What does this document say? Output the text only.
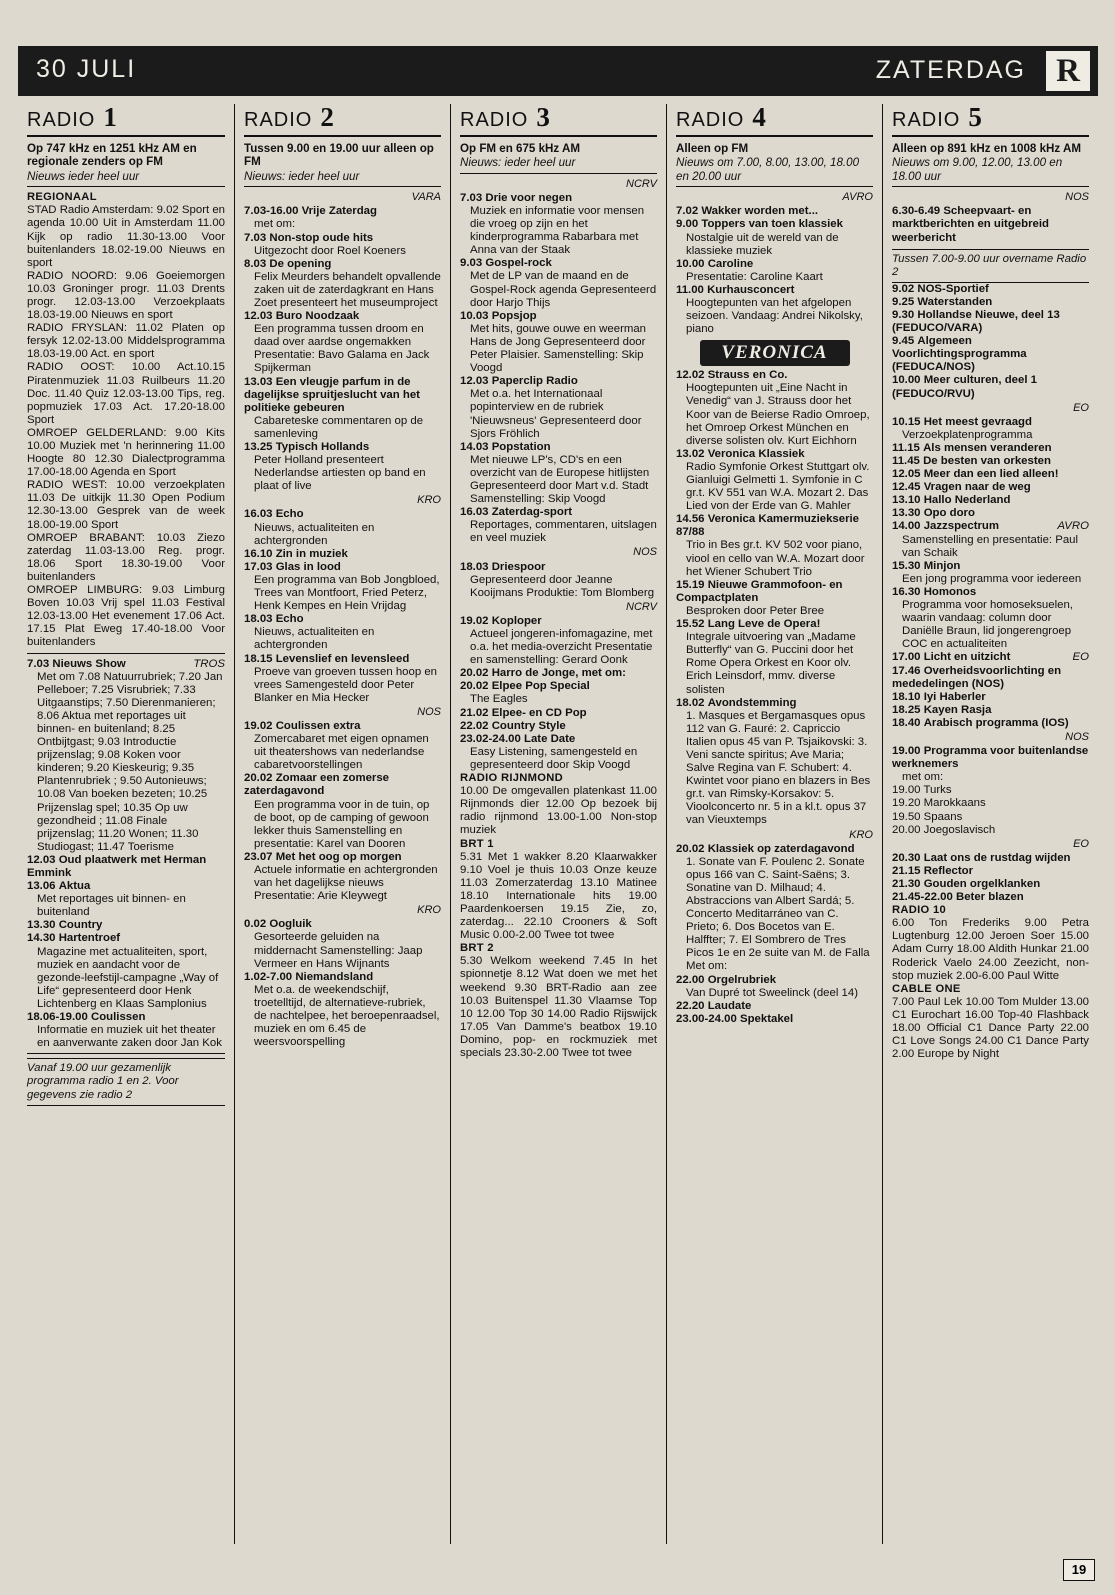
30 JULI	ZATERDAG R
RADIO 1
Op 747 kHz en 1251 kHz AM en regionale zenders op FM
Nieuws ieder heel uur
REGIONAAL
STAD Radio Amsterdam: 9.02 Sport en agenda 10.00 Uit in Amsterdam 11.00 Kijk op radio 11.30-13.00 Voor buitenlanders 18.02-19.00 Nieuws en sport
RADIO NOORD: 9.06 Goeiemorgen 10.03 Groninger progr. 11.03 Drents progr. 12.03-13.00 Verzoekplaats 18.03-19.00 Nieuws en sport
RADIO FRYSLAN: 11.02 Platen op fersyk 12.02-13.00 Middelsprogramma 18.03-19.00 Act. en sport
RADIO OOST: 10.00 Act.10.15 Piratenmuziek 11.03 Ruilbeurs 11.20 Doc. 11.40 Quiz 12.03-13.00 Tips, reg. popmuziek 17.03 Act. 17.20-18.00 Sport
OMROEP GELDERLAND: 9.00 Kits 10.00 Muziek met 'n herinnering 11.00 Hoogte 80 12.30 Dialectprogramma 17.00-18.00 Agenda en Sport
RADIO WEST: 10.00 verzoekplaten 11.03 De uitkijk 11.30 Open Podium 12.30-13.00 Gesprek van de week 18.00-19.00 Sport
OMROEP BRABANT: 10.03 Ziezo zaterdag 11.03-13.00 Reg. progr. 18.06 Sport 18.30-19.00 Voor buitenlanders
OMROEP LIMBURG: 9.03 Limburg Boven 10.03 Vrij spel 11.03 Festival 12.03-13.00 Het evenement 17.06 Act. 17.15 Plat Eweg 17.40-18.00 Voor buitenlanders
TROS
7.03 Nieuws Show
Met om 7.08 Natuurrubriek; 7.20 Jan Pelleboer; 7.25 Visrubriek; 7.33 Uitgaanstips; 7.50 Dierenmanieren; 8.06 Aktua met reportages uit binnen- en buitenland; 8.25 Ontbijtgast; 9.03 Introductie prijzenslag; 9.08 Koken voor kinderen; 9.20 Kieskeurig; 9.35 Plantenrubriek ; 9.50 Autonieuws; 10.08 Van boeken bezeten; 10.25 Prijzenslag spel; 10.35 Op uw gezondheid ; 11.08 Finale prijzenslag; 11.20 Wonen; 11.30 Studiogast; 11.47 Toerisme
12.03 Oud plaatwerk met Herman Emmink
13.06 Aktua
Met reportages uit binnen- en buitenland
13.30 Country
14.30 Hartentroef
Magazine met actualiteiten, sport, muziek en aandacht voor de gezonde-leefstijl-campagne „Way of Life“ gepresenteerd door Henk Lichtenberg en Klaas Samplonius
18.06-19.00 Coulissen
Informatie en muziek uit het theater en aanverwante zaken door Jan Kok
Vanaf 19.00 uur gezamenlijk programma radio 1 en 2. Voor gegevens zie radio 2
RADIO 2
Tussen 9.00 en 19.00 uur alleen op FM
Nieuws: ieder heel uur
VARA
7.03-16.00 Vrije Zaterdag
met om:
7.03 Non-stop oude hits
Uitgezocht door Roel Koeners
8.03 De opening
Felix Meurders behandelt opvallende zaken uit de zaterdagkrant en Hans Zoet presenteert het museumproject
12.03 Buro Noodzaak
Een programma tussen droom en daad over aardse ongemakken Presentatie: Bavo Galama en Jack Spijkerman
13.03 Een vleugje parfum in de dagelijkse spruitjeslucht van het politieke gebeuren
Cabareteske commentaren op de samenleving
13.25 Typisch Hollands
Peter Holland presenteert Nederlandse artiesten op band en plaat of live
KRO
16.03 Echo
Nieuws, actualiteiten en achtergronden
16.10 Zin in muziek
17.03 Glas in lood
Een programma van Bob Jongbloed, Trees van Montfoort, Fried Peterz, Henk Kempes en Hein Vrijdag
18.03 Echo
Nieuws, actualiteiten en achtergronden
18.15 Levenslief en levensleed
Proeve van groeven tussen hoop en vrees Samengesteld door Peter Blanker en Mia Hecker
NOS
19.02 Coulissen extra
Zomercabaret met eigen opnamen uit theatershows van nederlandse cabaretvoorstellingen
20.02 Zomaar een zomerse zaterdagavond
Een programma voor in de tuin, op de boot, op de camping of gewoon lekker thuis Samenstelling en presentatie: Karel van Dooren
23.07 Met het oog op morgen
Actuele informatie en achtergronden van het dagelijkse nieuws Presentatie: Arie Kleywegt
KRO
0.02 Oogluik
Gesorteerde geluiden na middernacht Samenstelling: Jaap Vermeer en Hans Wijnants
1.02-7.00 Niemandsland
Met o.a. de weekendschijf, troetelltijd, de alternatieve-rubriek, de nachtelpee, het beroepenraadsel, muziek en om 6.45 de weersvoorspelling
RADIO 3
Op FM en 675 kHz AM
Nieuws: ieder heel uur
NCRV
7.03 Drie voor negen
Muziek en informatie voor mensen die vroeg op zijn en het kinderprogramma Rabarbara met Anna van der Staak
9.03 Gospel-rock
Met de LP van de maand en de Gospel-Rock agenda Gepresenteerd door Harjo Thijs
10.03 Popsjop
Met hits, gouwe ouwe en weerman Hans de Jong Gepresenteerd door Peter Plaisier. Samenstelling: Skip Voogd
12.03 Paperclip Radio
Met o.a. het Internationaal popinterview en de rubriek 'Nieuwsneus' Gepresenteerd door Sjors Fröhlich
14.03 Popstation
Met nieuwe LP's, CD's en een overzicht van de Europese hitlijsten Gepresenteerd door Mart v.d. Stadt Samenstelling: Skip Voogd
16.03 Zaterdag-sport
Reportages, commentaren, uitslagen en veel muziek
NOS
18.03 Driespoor
Gepresenteerd door Jeanne Kooijmans Produktie: Tom Blomberg
NCRV
19.02 Koploper
Actueel jongeren-infomagazine, met o.a. het media-overzicht Presentatie en samenstelling: Gerard Oonk
20.02 Harro de Jonge, met om:
20.02 Elpee Pop Special
The Eagles
21.02 Elpee- en CD Pop
22.02 Country Style
23.02-24.00 Late Date
Easy Listening, samengesteld en gepresenteerd door Skip Voogd
RADIO RIJNMOND
10.00 De omgevallen platenkast 11.00 Rijnmonds dier 12.00 Op bezoek bij radio rijnmond 13.00-1.00 Non-stop muziek
BRT 1
5.31 Met 1 wakker 8.20 Klaarwakker 9.10 Voel je thuis 10.03 Onze keuze 11.03 Zomerzaterdag 13.10 Matinee 18.10 Internationale hits 19.00 Paardenkoersen 19.15 Zie, zo, zaterdag... 22.10 Crooners & Soft Music 0.00-2.00 Twee tot twee
BRT 2
5.30 Welkom weekend 7.45 In het spionnetje 8.12 Wat doen we met het weekend 9.30 BRT-Radio aan zee 10.03 Buitenspel 11.30 Vlaamse Top 10 12.00 Top 30 14.00 Radio Rijswijck 17.05 Van Damme's beatbox 19.10 Domino, pop- en rockmuziek met specials 23.30-2.00 Twee tot twee
RADIO 4
Alleen op FM
Nieuws om 7.00, 8.00, 13.00, 18.00 en 20.00 uur
AVRO
7.02 Wakker worden met...
9.00 Toppers van toen klassiek
Nostalgie uit de wereld van de klassieke muziek
10.00 Caroline
Presentatie: Caroline Kaart
11.00 Kurhausconcert
Hoogtepunten van het afgelopen seizoen. Vandaag: Andrei Nikolsky, piano
VERONICA
12.02 Strauss en Co.
Hoogtepunten uit „Eine Nacht in Venedig“ van J. Strauss door het Koor van de Beierse Radio Omroep, het Omroep Orkest München en diverse solisten olv. Kurt Eichhorn
13.02 Veronica Klassiek
Radio Symfonie Orkest Stuttgart olv. Gianluigi Gelmetti 1. Symfonie in C gr.t. KV 551 van W.A. Mozart 2. Das Lied von der Erde van G. Mahler
14.56 Veronica Kamermuziekserie 87/88
Trio in Bes gr.t. KV 502 voor piano, viool en cello van W.A. Mozart door het Wiener Schubert Trio
15.19 Nieuwe Grammofoon- en Compactplaten
Besproken door Peter Bree
15.52 Lang Leve de Opera!
Integrale uitvoering van „Madame Butterfly“ van G. Puccini door het Rome Opera Orkest en Koor olv. Erich Leinsdorf, mmv. diverse solisten
18.02 Avondstemming
1. Masques et Bergamasques opus 112 van G. Fauré: 2. Capriccio Italien opus 45 van P. Tsjaikovski: 3. Veni sancte spiritus; Ave Maria; Salve Regina van F. Schubert: 4. Kwintet voor piano en blazers in Bes gr.t. van Rimsky-Korsakov: 5. Vioolconcerto nr. 5 in a kl.t. opus 37 van Vieuxtemps
KRO
20.02 Klassiek op zaterdagavond
1. Sonate van F. Poulenc 2. Sonate opus 166 van C. Saint-Saëns; 3. Sonatine van D. Milhaud; 4. Abstraccions van Albert Sardá; 5. Concerto Meditarráneo van C. Prieto; 6. Dos Bocetos van E. Halffter; 7. El Sombrero de Tres Picos 1e en 2e suite van M. de Falla Met om:
22.00 Orgelrubriek
Van Dupré tot Sweelinck (deel 14)
22.20 Laudate
23.00-24.00 Spektakel
RADIO 5
Alleen op 891 kHz en 1008 kHz AM
Nieuws om 9.00, 12.00, 13.00 en 18.00 uur
NOS
6.30-6.49 Scheepvaart- en marktberichten en uitgebreid weerbericht
Tussen 7.00-9.00 uur overname Radio 2
9.02 NOS-Sportief
9.25 Waterstanden
9.30 Hollandse Nieuwe, deel 13 (FEDUCO/VARA)
9.45 Algemeen Voorlichtingsprogramma (FEDUCA/NOS)
10.00 Meer culturen, deel 1 (FEDUCO/RVU)
EO
10.15 Het meest gevraagd
Verzoekplatenprogramma
11.15 Als mensen veranderen
11.45 De besten van orkesten
12.05 Meer dan een lied alleen!
12.45 Vragen naar de weg
13.10 Hallo Nederland
13.30 Opo doro
AVRO
14.00 Jazzspectrum
Samenstelling en presentatie: Paul van Schaik
15.30 Minjon
Een jong programma voor iedereen
16.30 Homonos
Programma voor homoseksuelen, waarin vandaag: column door Daniëlle Braun, lid jongerengroep COC en actualiteiten
EO
17.00 Licht en uitzicht
17.46 Overheidsvoorlichting en mededelingen (NOS)
18.10 Iyi Haberler
18.25 Kayen Rasja
18.40 Arabisch programma (IOS)
NOS
19.00 Programma voor buitenlandse werknemers
met om:
19.00 Turks
19.20 Marokkaans
19.50 Spaans
20.00 Joegoslavisch
EO
20.30 Laat ons de rustdag wijden
21.15 Reflector
21.30 Gouden orgelklanken
21.45-22.00 Beter blazen
RADIO 10
6.00 Ton Frederiks 9.00 Petra Lugtenburg 12.00 Jeroen Soer 15.00 Adam Curry 18.00 Aldith Hunkar 21.00 Roderick Vaelo 24.00 Zeezicht, non-stop muziek 2.00-6.00 Paul Witte
CABLE ONE
7.00 Paul Lek 10.00 Tom Mulder 13.00 C1 Eurochart 16.00 Top-40 Flashback 18.00 Official C1 Dance Party 22.00 C1 Love Songs 24.00 C1 Dance Party 2.00 Europe by Night
19
